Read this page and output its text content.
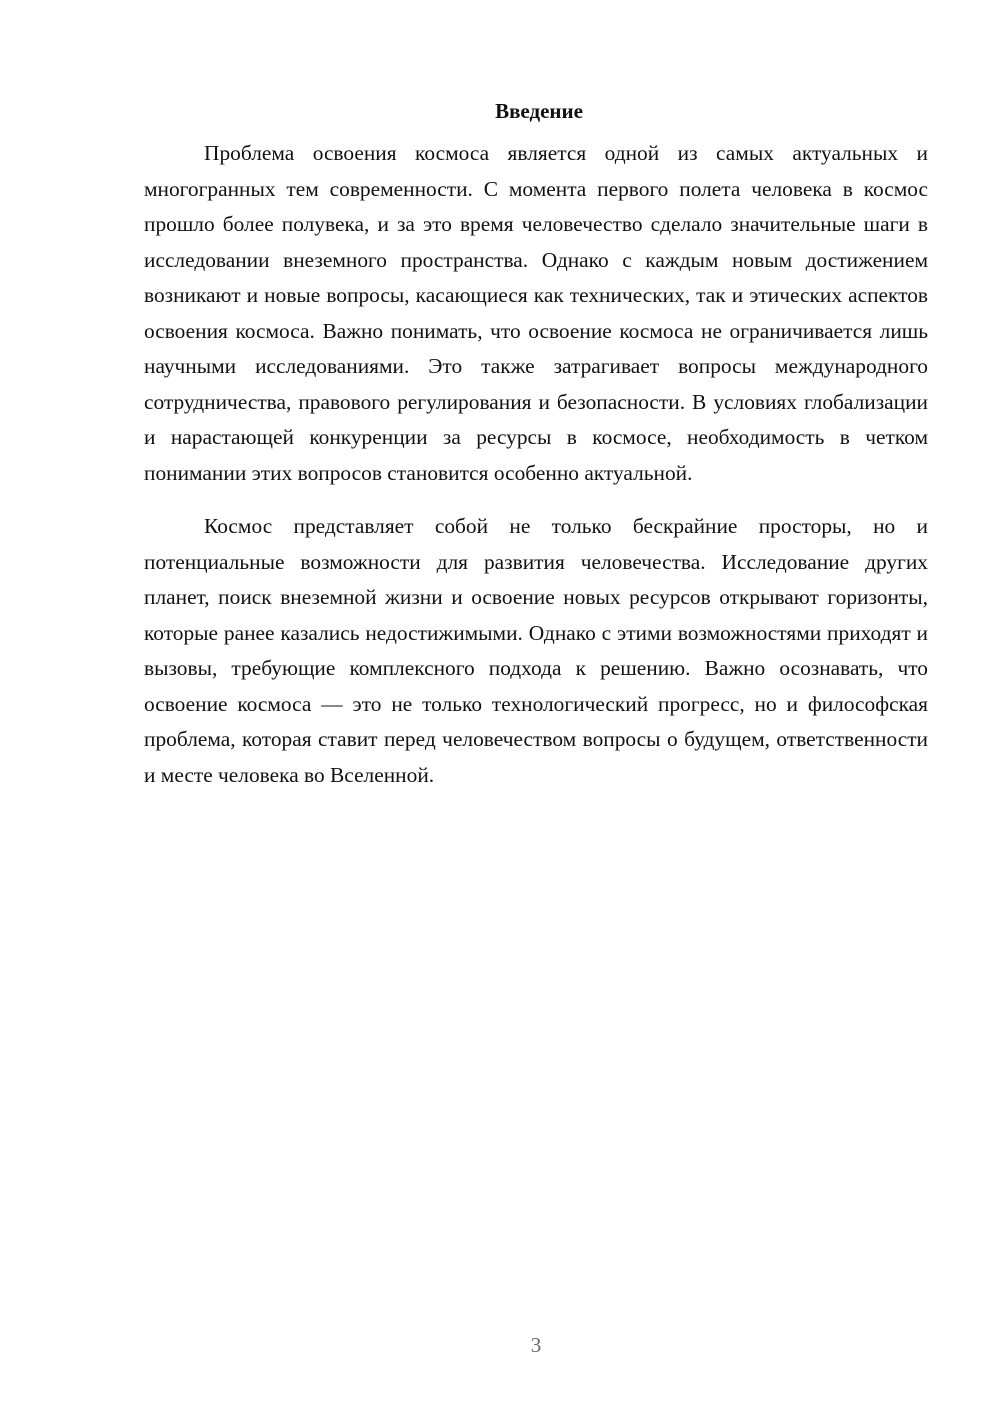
Введение

Проблема освоения космоса является одной из самых актуальных и многогранных тем современности. С момента первого полета человека в космос прошло более полувека, и за это время человечество сделало значительные шаги в исследовании внеземного пространства. Однако с каждым новым достижением возникают и новые вопросы, касающиеся как технических, так и этических аспектов освоения космоса. Важно понимать, что освоение космоса не ограничивается лишь научными исследованиями. Это также затрагивает вопросы международного сотрудничества, правового регулирования и безопасности. В условиях глобализации и нарастающей конкуренции за ресурсы в космосе, необходимость в четком понимании этих вопросов становится особенно актуальной.

Космос представляет собой не только бескрайние просторы, но и потенциальные возможности для развития человечества. Исследование других планет, поиск внеземной жизни и освоение новых ресурсов открывают горизонты, которые ранее казались недостижимыми. Однако с этими возможностями приходят и вызовы, требующие комплексного подхода к решению. Важно осознавать, что освоение космоса — это не только технологический прогресс, но и философская проблема, которая ставит перед человечеством вопросы о будущем, ответственности и месте человека во Вселенной.

3
